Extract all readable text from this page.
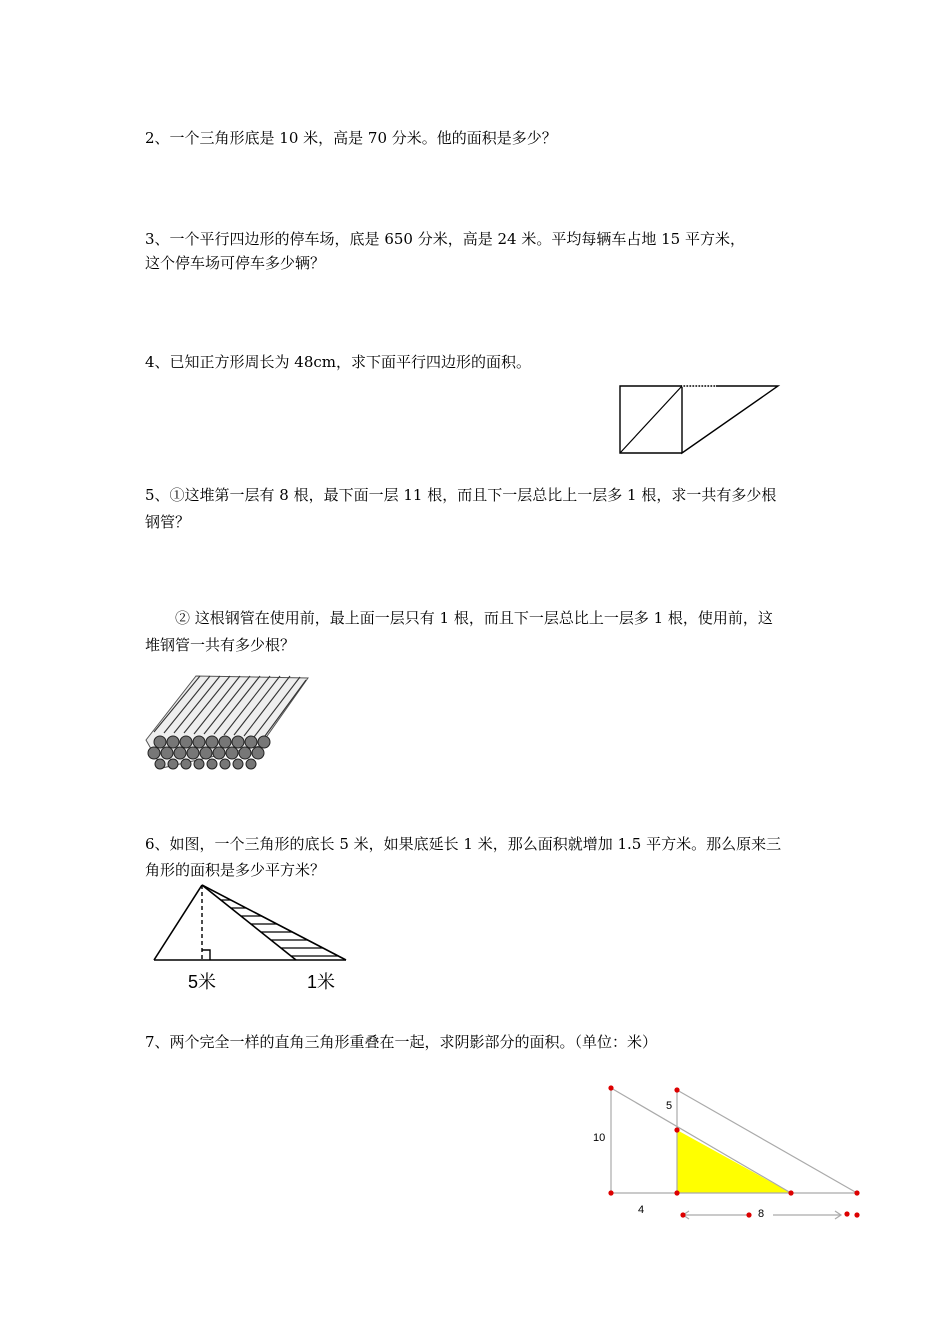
2、一个三角形底是 10 米，高是 70 分米。他的面积是多少？

3、一个平行四边形的停车场，底是 650 分米，高是 24 米。平均每辆车占地 15 平方米，

这个停车场可停车多少辆？

4、已知正方形周长为 48cm，求下面平行四边形的面积。

5、①这堆第一层有 8 根，最下面一层 11 根，而且下一层总比上一层多 1 根，求一共有多少根

钢管？

② 这根钢管在使用前，最上面一层只有 1 根，而且下一层总比上一层多 1 根，使用前，这

堆钢管一共有多少根？

6、如图，一个三角形的底长 5 米，如果底延长 1 米，那么面积就增加 1.5 平方米。那么原来三

角形的面积是多少平方米？

5米	1米

7、两个完全一样的直角三角形重叠在一起，求阴影部分的面积。（单位：米）

10
5
4	8
